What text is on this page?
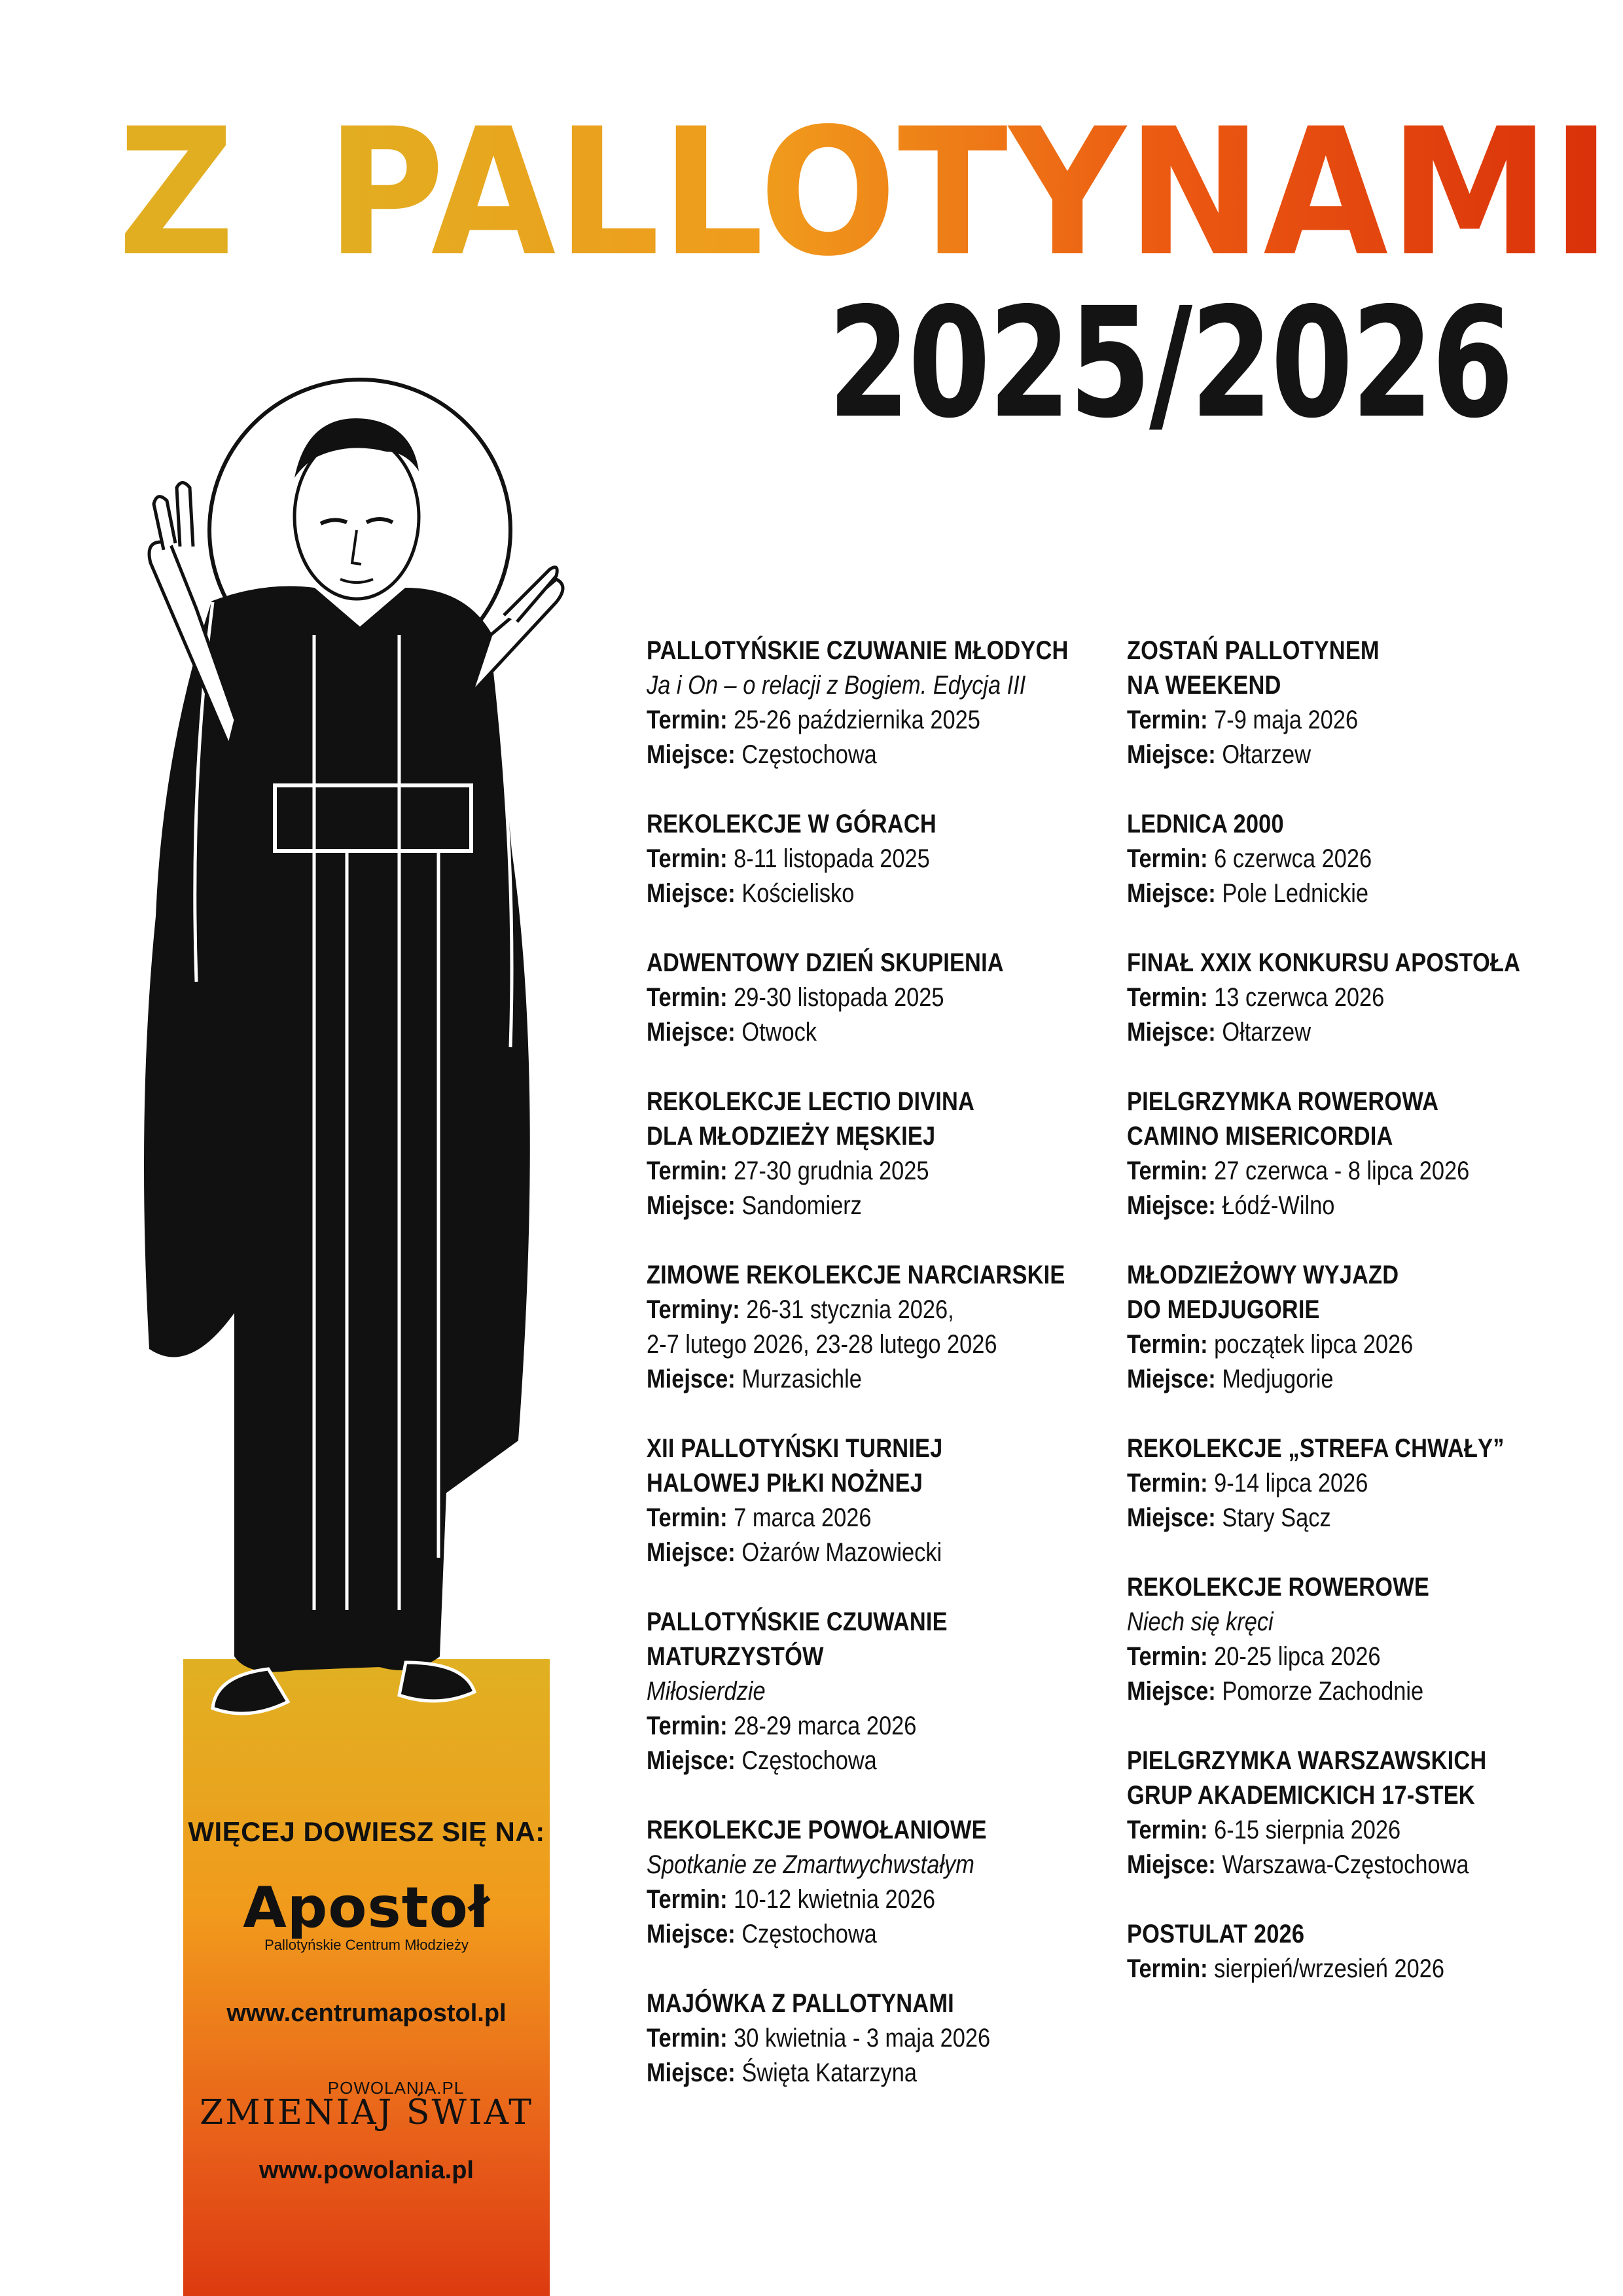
Z PALLOTYNAMI
2025/2026
WIĘCEJ DOWIESZ SIĘ NA:
Apostoł
Pallotyńskie Centrum Młodzieży
www.centrumapostol.pl
POWOLANIA.PL
ZMIENIAJ ŚWIAT
www.powolania.pl
PALLOTYŃSKIE CZUWANIE MŁODYCH
Ja i On – o relacji z Bogiem. Edycja III
Termin: 25-26 października 2025
Miejsce: Częstochowa
REKOLEKCJE W GÓRACH
Termin: 8-11 listopada 2025
Miejsce: Kościelisko
ADWENTOWY DZIEŃ SKUPIENIA
Termin: 29-30 listopada 2025
Miejsce: Otwock
REKOLEKCJE LECTIO DIVINA
DLA MŁODZIEŻY MĘSKIEJ
Termin: 27-30 grudnia 2025
Miejsce: Sandomierz
ZIMOWE REKOLEKCJE NARCIARSKIE
Terminy: 26-31 stycznia 2026,
2-7 lutego 2026, 23-28 lutego 2026
Miejsce: Murzasichle
XII PALLOTYŃSKI TURNIEJ
HALOWEJ PIŁKI NOŻNEJ
Termin: 7 marca 2026
Miejsce: Ożarów Mazowiecki
PALLOTYŃSKIE CZUWANIE
MATURZYSTÓW
Miłosierdzie
Termin: 28-29 marca 2026
Miejsce: Częstochowa
REKOLEKCJE POWOŁANIOWE
Spotkanie ze Zmartwychwstałym
Termin: 10-12 kwietnia 2026
Miejsce: Częstochowa
MAJÓWKA Z PALLOTYNAMI
Termin: 30 kwietnia - 3 maja 2026
Miejsce: Święta Katarzyna
ZOSTAŃ PALLOTYNEM
NA WEEKEND
Termin: 7-9 maja 2026
Miejsce: Ołtarzew
LEDNICA 2000
Termin: 6 czerwca 2026
Miejsce: Pole Lednickie
FINAŁ XXIX KONKURSU APOSTOŁA
Termin: 13 czerwca 2026
Miejsce: Ołtarzew
PIELGRZYMKA ROWEROWA
CAMINO MISERICORDIA
Termin: 27 czerwca - 8 lipca 2026
Miejsce: Łódź-Wilno
MŁODZIEŻOWY WYJAZD
DO MEDJUGORIE
Termin: początek lipca 2026
Miejsce: Medjugorie
REKOLEKCJE „STREFA CHWAŁY”
Termin: 9-14 lipca 2026
Miejsce: Stary Sącz
REKOLEKCJE ROWEROWE
Niech się kręci
Termin: 20-25 lipca 2026
Miejsce: Pomorze Zachodnie
PIELGRZYMKA WARSZAWSKICH
GRUP AKADEMICKICH 17-STEK
Termin: 6-15 sierpnia 2026
Miejsce: Warszawa-Częstochowa
POSTULAT 2026
Termin: sierpień/wrzesień 2026
